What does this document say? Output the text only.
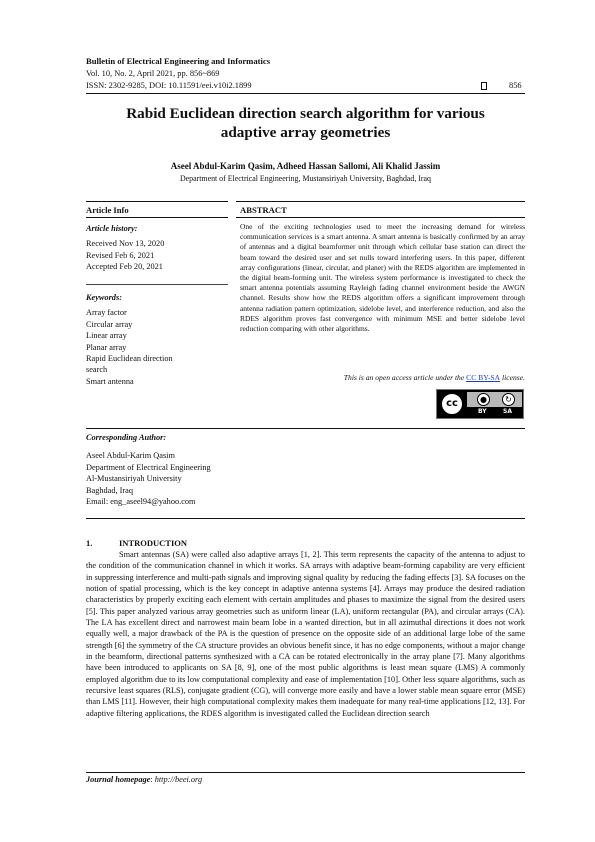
Bulletin of Electrical Engineering and Informatics
Vol. 10, No. 2, April 2021, pp. 856~869
ISSN: 2302-9285, DOI: 10.11591/eei.v10i2.1899	856
Rabid Euclidean direction search algorithm for various
adaptive array geometries
Aseel Abdul-Karim Qasim, Adheed Hassan Sallomi, Ali Khalid Jassim
Department of Electrical Engineering, Mustansiriyah University, Baghdad, Iraq
Article Info	ABSTRACT
Article history:
Received Nov 13, 2020
Revised Feb 6, 2021
Accepted Feb 20, 2021
Keywords:
Array factor
Circular array
Linear array
Planar array
Rapid Euclidean direction
search
Smart antenna
One of the exciting technologies used to meet the increasing demand for wireless communication services is a smart antenna. A smart antenna is basically confirmed by an array of antennas and a digital beamformer unit through which cellular base station can direct the beam toward the desired user and set nulls toward interfering users. In this paper, different array configurations (linear, circular, and planer) with the REDS algorithm are implemented in the digital beam-forming unit. The wireless system performance is investigated to check the smart antenna potentials assuming Rayleigh fading channel environment beside the AWGN channel. Results show how the REDS algorithm offers a significant improvement through antenna radiation pattern optimization, sidelobe level, and interference reduction, and also the RDES algorithm proves fast convergence with minimum MSE and better sidelobe level reduction comparing with other algorithms.
This is an open access article under the CC BY-SA license.
cc	●	↻
BY	SA
Corresponding Author:
Aseel Abdul-Karim Qasim
Department of Electrical Engineering
Al-Mustansiriyah University
Baghdad, Iraq
Email: eng_aseel94@yahoo.com
1.	INTRODUCTION

Smart antennas (SA) were called also adaptive arrays [1, 2]. This term represents the capacity of the antenna to adjust to the condition of the communication channel in which it works. SA arrays with adaptive beam-forming capability are very efficient in suppressing interference and multi-path signals and improving signal quality by reducing the fading effects [3]. SA focuses on the notion of spatial processing, which is the key concept in adaptive antenna systems [4]. Arrays may produce the desired radiation characteristics by properly exciting each element with certain amplitudes and phases to maximize the signal from the desired users [5]. This paper analyzed various array geometries such as uniform linear (LA), uniform rectangular (PA), and circular arrays (CA). The LA has excellent direct and narrowest main beam lobe in a wanted direction, but in all azimuthal directions it does not work equally well, a major drawback of the PA is the question of presence on the opposite side of an additional large lobe of the same strength [6] the symmetry of the CA structure provides an obvious benefit since, it has no edge components, without a major change in the beamform, directional patterns synthesized with a CA can be rotated electronically in the array plane [7]. Many algorithms have been introduced to applicants on SA [8, 9], one of the most public algorithms is least mean square (LMS) A commonly employed algorithm due to its low computational complexity and ease of implementation [10]. Other less square algorithms, such as recursive least squares (RLS), conjugate gradient (CG), will converge more easily and have a lower stable mean square error (MSE) than LMS [11]. However, their high computational complexity makes them inadequate for many real-time applications [12, 13]. For adaptive filtering applications, the RDES algorithm is investigated called the Euclidean direction search

Journal homepage: http://beei.org
